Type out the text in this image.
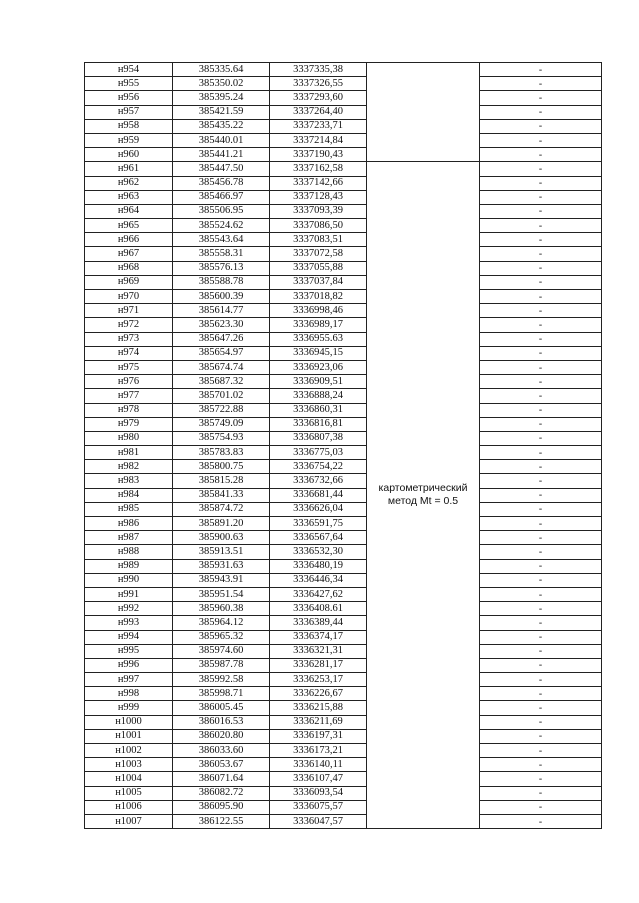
н954	385335.64	3337335,38		-
н955	385350.02	3337326,55		-
н956	385395.24	3337293,60		-
н957	385421.59	3337264,40		-
н958	385435.22	3337233,71		-
н959	385440.01	3337214,84		-
н960	385441.21	3337190,43		-
н961	385447.50	3337162,58	картометрический метод Mt = 0.5	-
н962	385456.78	3337142,66		-
н963	385466.97	3337128,43		-
н964	385506.95	3337093,39		-
н965	385524.62	3337086,50		-
н966	385543.64	3337083,51		-
н967	385558.31	3337072,58		-
н968	385576.13	3337055,88		-
н969	385588.78	3337037,84		-
н970	385600.39	3337018,82		-
н971	385614.77	3336998,46		-
н972	385623.30	3336989,17		-
н973	385647.26	3336955.63		-
н974	385654.97	3336945,15		-
н975	385674.74	3336923,06		-
н976	385687.32	3336909,51		-
н977	385701.02	3336888,24		-
н978	385722.88	3336860,31		-
н979	385749.09	3336816,81		-
н980	385754.93	3336807,38		-
н981	385783.83	3336775,03		-
н982	385800.75	3336754,22		-
н983	385815.28	3336732,66		-
н984	385841.33	3336681,44		-
н985	385874.72	3336626,04		-
н986	385891.20	3336591,75		-
н987	385900.63	3336567,64		-
н988	385913.51	3336532,30		-
н989	385931.63	3336480,19		-
н990	385943.91	3336446,34		-
н991	385951.54	3336427,62		-
н992	385960.38	3336408.61		-
н993	385964.12	3336389,44		-
н994	385965.32	3336374,17		-
н995	385974.60	3336321,31		-
н996	385987.78	3336281,17		-
н997	385992.58	3336253,17		-
н998	385998.71	3336226,67		-
н999	386005.45	3336215,88		-
н1000	386016.53	3336211,69		-
н1001	386020.80	3336197,31		-
н1002	386033.60	3336173,21		-
н1003	386053.67	3336140,11		-
н1004	386071.64	3336107,47		-
н1005	386082.72	3336093,54		-
н1006	386095.90	3336075,57		-
н1007	386122.55	3336047,57		-
